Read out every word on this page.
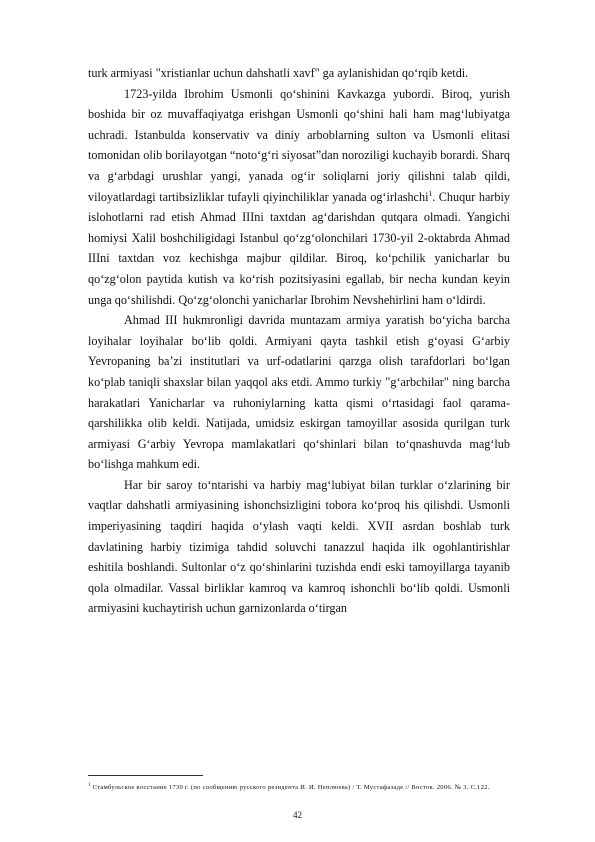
turk armiyasi "xristianlar uchun dahshatli xavf" ga aylanishidan qoʻrqib ketdi.

1723-yilda Ibrohim Usmonli qoʻshinini Kavkazga yubordi. Biroq, yurish boshida bir oz muvaffaqiyatga erishgan Usmonli qoʻshini hali ham magʻlubiyatga uchradi. Istanbulda konservativ va diniy arboblarning sulton va Usmonli elitasi tomonidan olib borilayotgan “notoʻgʻri siyosat”dan noroziligi kuchayib borardi. Sharq va gʻarbdagi urushlar yangi, yanada ogʻir soliqlarni joriy qilishni talab qildi, viloyatlardagi tartibsizliklar tufayli qiyinchiliklar yanada ogʻirlashchi$^1$. Chuqur harbiy islohotlarni rad etish Ahmad IIIni taxtdan agʻdarishdan qutqara olmadi. Yangichi homiysi Xalil boshchiligidagi Istanbul qoʻzgʻolonchilari 1730-yil 2-oktabrda Ahmad IIIni taxtdan voz kechishga majbur qildilar. Biroq, koʻpchilik yanicharlar bu qoʻzgʻolon paytida kutish va koʻrish pozitsiyasini egallab, bir necha kundan keyin unga qoʻshilishdi. Qoʻzgʻolonchi yanicharlar Ibrohim Nevshehirlini ham oʻldirdi.

Ahmad III hukmronligi davrida muntazam armiya yaratish boʻyicha barcha loyihalar loyihalar boʻlib qoldi. Armiyani qayta tashkil etish gʻoyasi Gʻarbiy Yevropaning baʼzi institutlari va urf-odatlarini qarzga olish tarafdorlari boʻlgan koʻplab taniqli shaxslar bilan yaqqol aks etdi. Ammo turkiy "gʻarbchilar" ning barcha harakatlari Yanicharlar va ruhoniylarning katta qismi oʻrtasidagi faol qarama-qarshilikka olib keldi. Natijada, umidsiz eskirgan tamoyillar asosida qurilgan turk armiyasi Gʻarbiy Yevropa mamlakatlari qoʻshinlari bilan toʻqnashuvda magʻlub boʻlishga mahkum edi.

Har bir saroy toʻntarishi va harbiy magʻlubiyat bilan turklar oʻzlarining bir vaqtlar dahshatli armiyasining ishonchsizligini tobora koʻproq his qilishdi. Usmonli imperiyasining taqdiri haqida oʻylash vaqti keldi. XVII asrdan boshlab turk davlatining harbiy tizimiga tahdid soluvchi tanazzul haqida ilk ogohlantirishlar eshitila boshlandi. Sultonlar oʻz qoʻshinlarini tuzishda endi eski tamoyillarga tayanib qola olmadilar. Vassal birliklar kamroq va kamroq ishonchli boʻlib qoldi. Usmonli armiyasini kuchaytirish uchun garnizonlarda oʻtirgan

$^1$ Стамбульское восстание 1730 г. (по сообщению русского резидента И. И. Неплюева) / Т. Мустафазаде // Восток. 2006. № 3. С.122.
42
